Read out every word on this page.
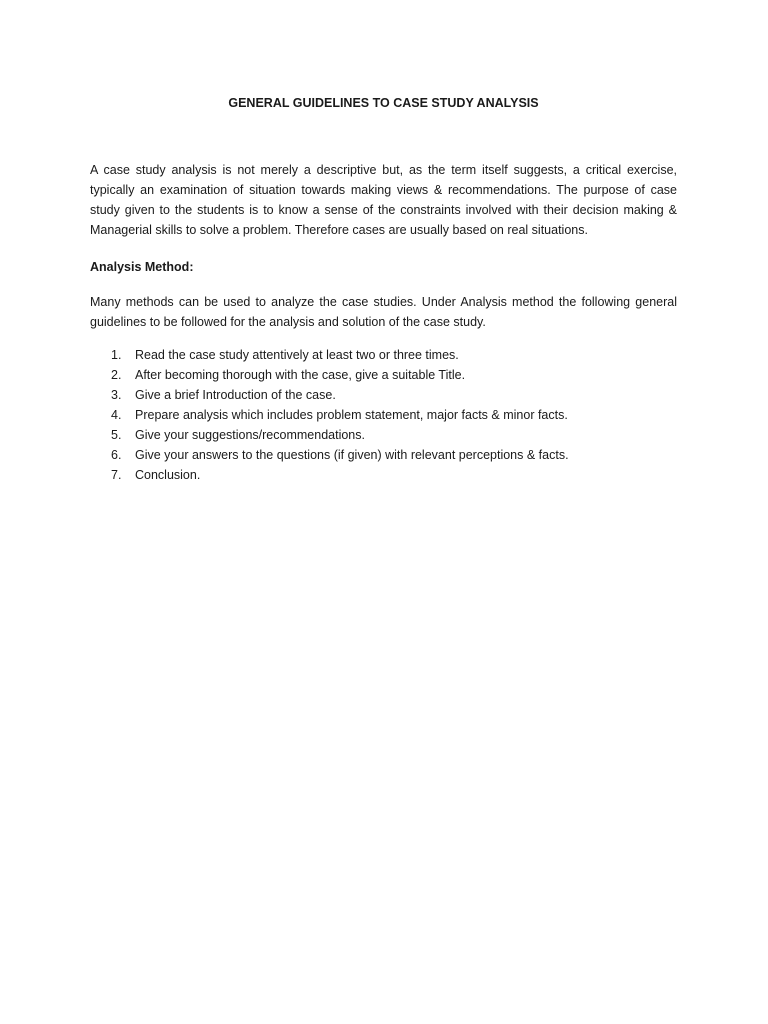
GENERAL GUIDELINES TO CASE STUDY ANALYSIS

A case study analysis is not merely a descriptive but, as the term itself suggests, a critical exercise, typically an examination of situation towards making views & recommendations. The purpose of case study given to the students is to know a sense of the constraints involved with their decision making & Managerial skills to solve a problem. Therefore cases are usually based on real situations.

Analysis Method:

Many methods can be used to analyze the case studies. Under Analysis method the following general guidelines to be followed for the analysis and solution of the case study.

1.	Read the case study attentively at least two or three times.
2.	After becoming thorough with the case, give a suitable Title.
3.	Give a brief Introduction of the case.
4.	Prepare analysis which includes problem statement, major facts & minor facts.
5.	Give your suggestions/recommendations.
6.	Give your answers to the questions (if given) with relevant perceptions & facts.
7.	Conclusion.
